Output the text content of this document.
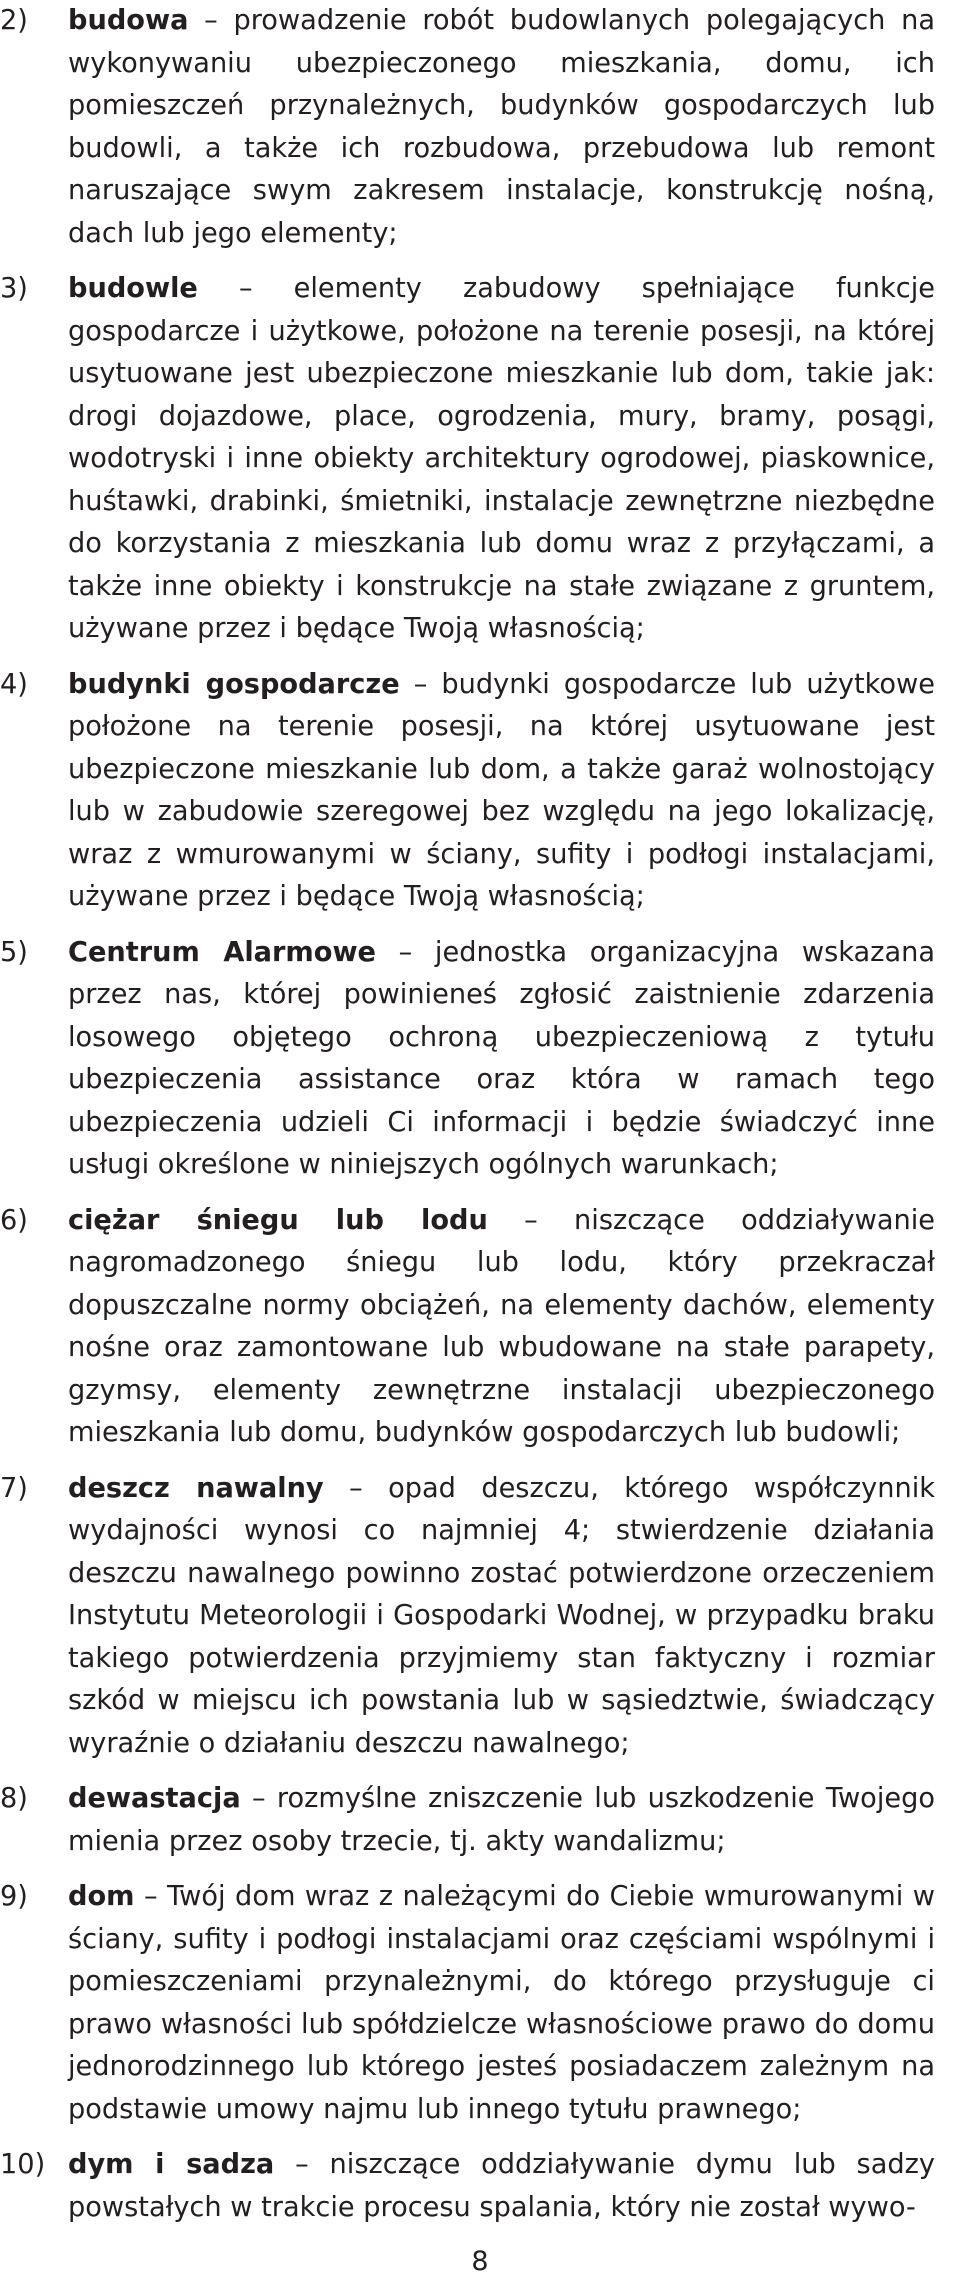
2)	budowa – prowadzenie robót budowlanych polegających na wykonywaniu ubezpieczonego mieszkania, domu, ich pomieszczeń przynależnych, budynków gospodarczych lub budowli, a także ich rozbudowa, przebudowa lub remont naruszające swym zakresem instalacje, konstrukcję nośną, dach lub jego elementy;
3)	budowle – elementy zabudowy spełniające funkcje gospodarcze i użytkowe, położone na terenie posesji, na której usytuowane jest ubezpieczone mieszkanie lub dom, takie jak: drogi dojazdowe, place, ogrodzenia, mury, bramy, posągi, wodotryski i inne obiekty architektury ogrodowej, piaskownice, huśtawki, drabinki, śmietniki, instalacje zewnętrzne niezbędne do korzystania z mieszkania lub domu wraz z przyłączami, a także inne obiekty i konstrukcje na stałe związane z gruntem, używane przez i będące Twoją własnością;
4)	budynki gospodarcze – budynki gospodarcze lub użytkowe położone na terenie posesji, na której usytuowane jest ubezpieczone mieszkanie lub dom, a także garaż wolnostojący lub w zabudowie szeregowej bez względu na jego lokalizację, wraz z wmurowanymi w ściany, sufity i podłogi instalacjami, używane przez i będące Twoją własnością;
5)	Centrum Alarmowe – jednostka organizacyjna wskazana przez nas, której powinieneś zgłosić zaistnienie zdarzenia losowego objętego ochroną ubezpieczeniową z tytułu ubezpieczenia assistance oraz która w ramach tego ubezpieczenia udzieli Ci informacji i będzie świadczyć inne usługi określone w niniejszych ogólnych warunkach;
6)	ciężar śniegu lub lodu – niszczące oddziaływanie nagromadzonego śniegu lub lodu, który przekraczał dopuszczalne normy obciążeń, na elementy dachów, elementy nośne oraz zamontowane lub wbudowane na stałe parapety, gzymsy, elementy zewnętrzne instalacji ubezpieczonego mieszkania lub domu, budynków gospodarczych lub budowli;
7)	deszcz nawalny – opad deszczu, którego współczynnik wydajności wynosi co najmniej 4; stwierdzenie działania deszczu nawalnego powinno zostać potwierdzone orzeczeniem Instytutu Meteorologii i Gospodarki Wodnej, w przypadku braku takiego potwierdzenia przyjmiemy stan faktyczny i rozmiar szkód w miejscu ich powstania lub w sąsiedztwie, świadczący wyraźnie o działaniu deszczu nawalnego;
8)	dewastacja – rozmyślne zniszczenie lub uszkodzenie Twojego mienia przez osoby trzecie, tj. akty wandalizmu;
9)	dom – Twój dom wraz z należącymi do Ciebie wmurowanymi w ściany, sufity i podłogi instalacjami oraz częściami wspólnymi i pomieszczeniami przynależnymi, do którego przysługuje ci prawo własności lub spółdzielcze własnościowe prawo do domu jednorodzinnego lub którego jesteś posiadaczem zależnym na podstawie umowy najmu lub innego tytułu prawnego;
10) dym i sadza – niszczące oddziaływanie dymu lub sadzy powstałych w trakcie procesu spalania, który nie został wywo-
8
